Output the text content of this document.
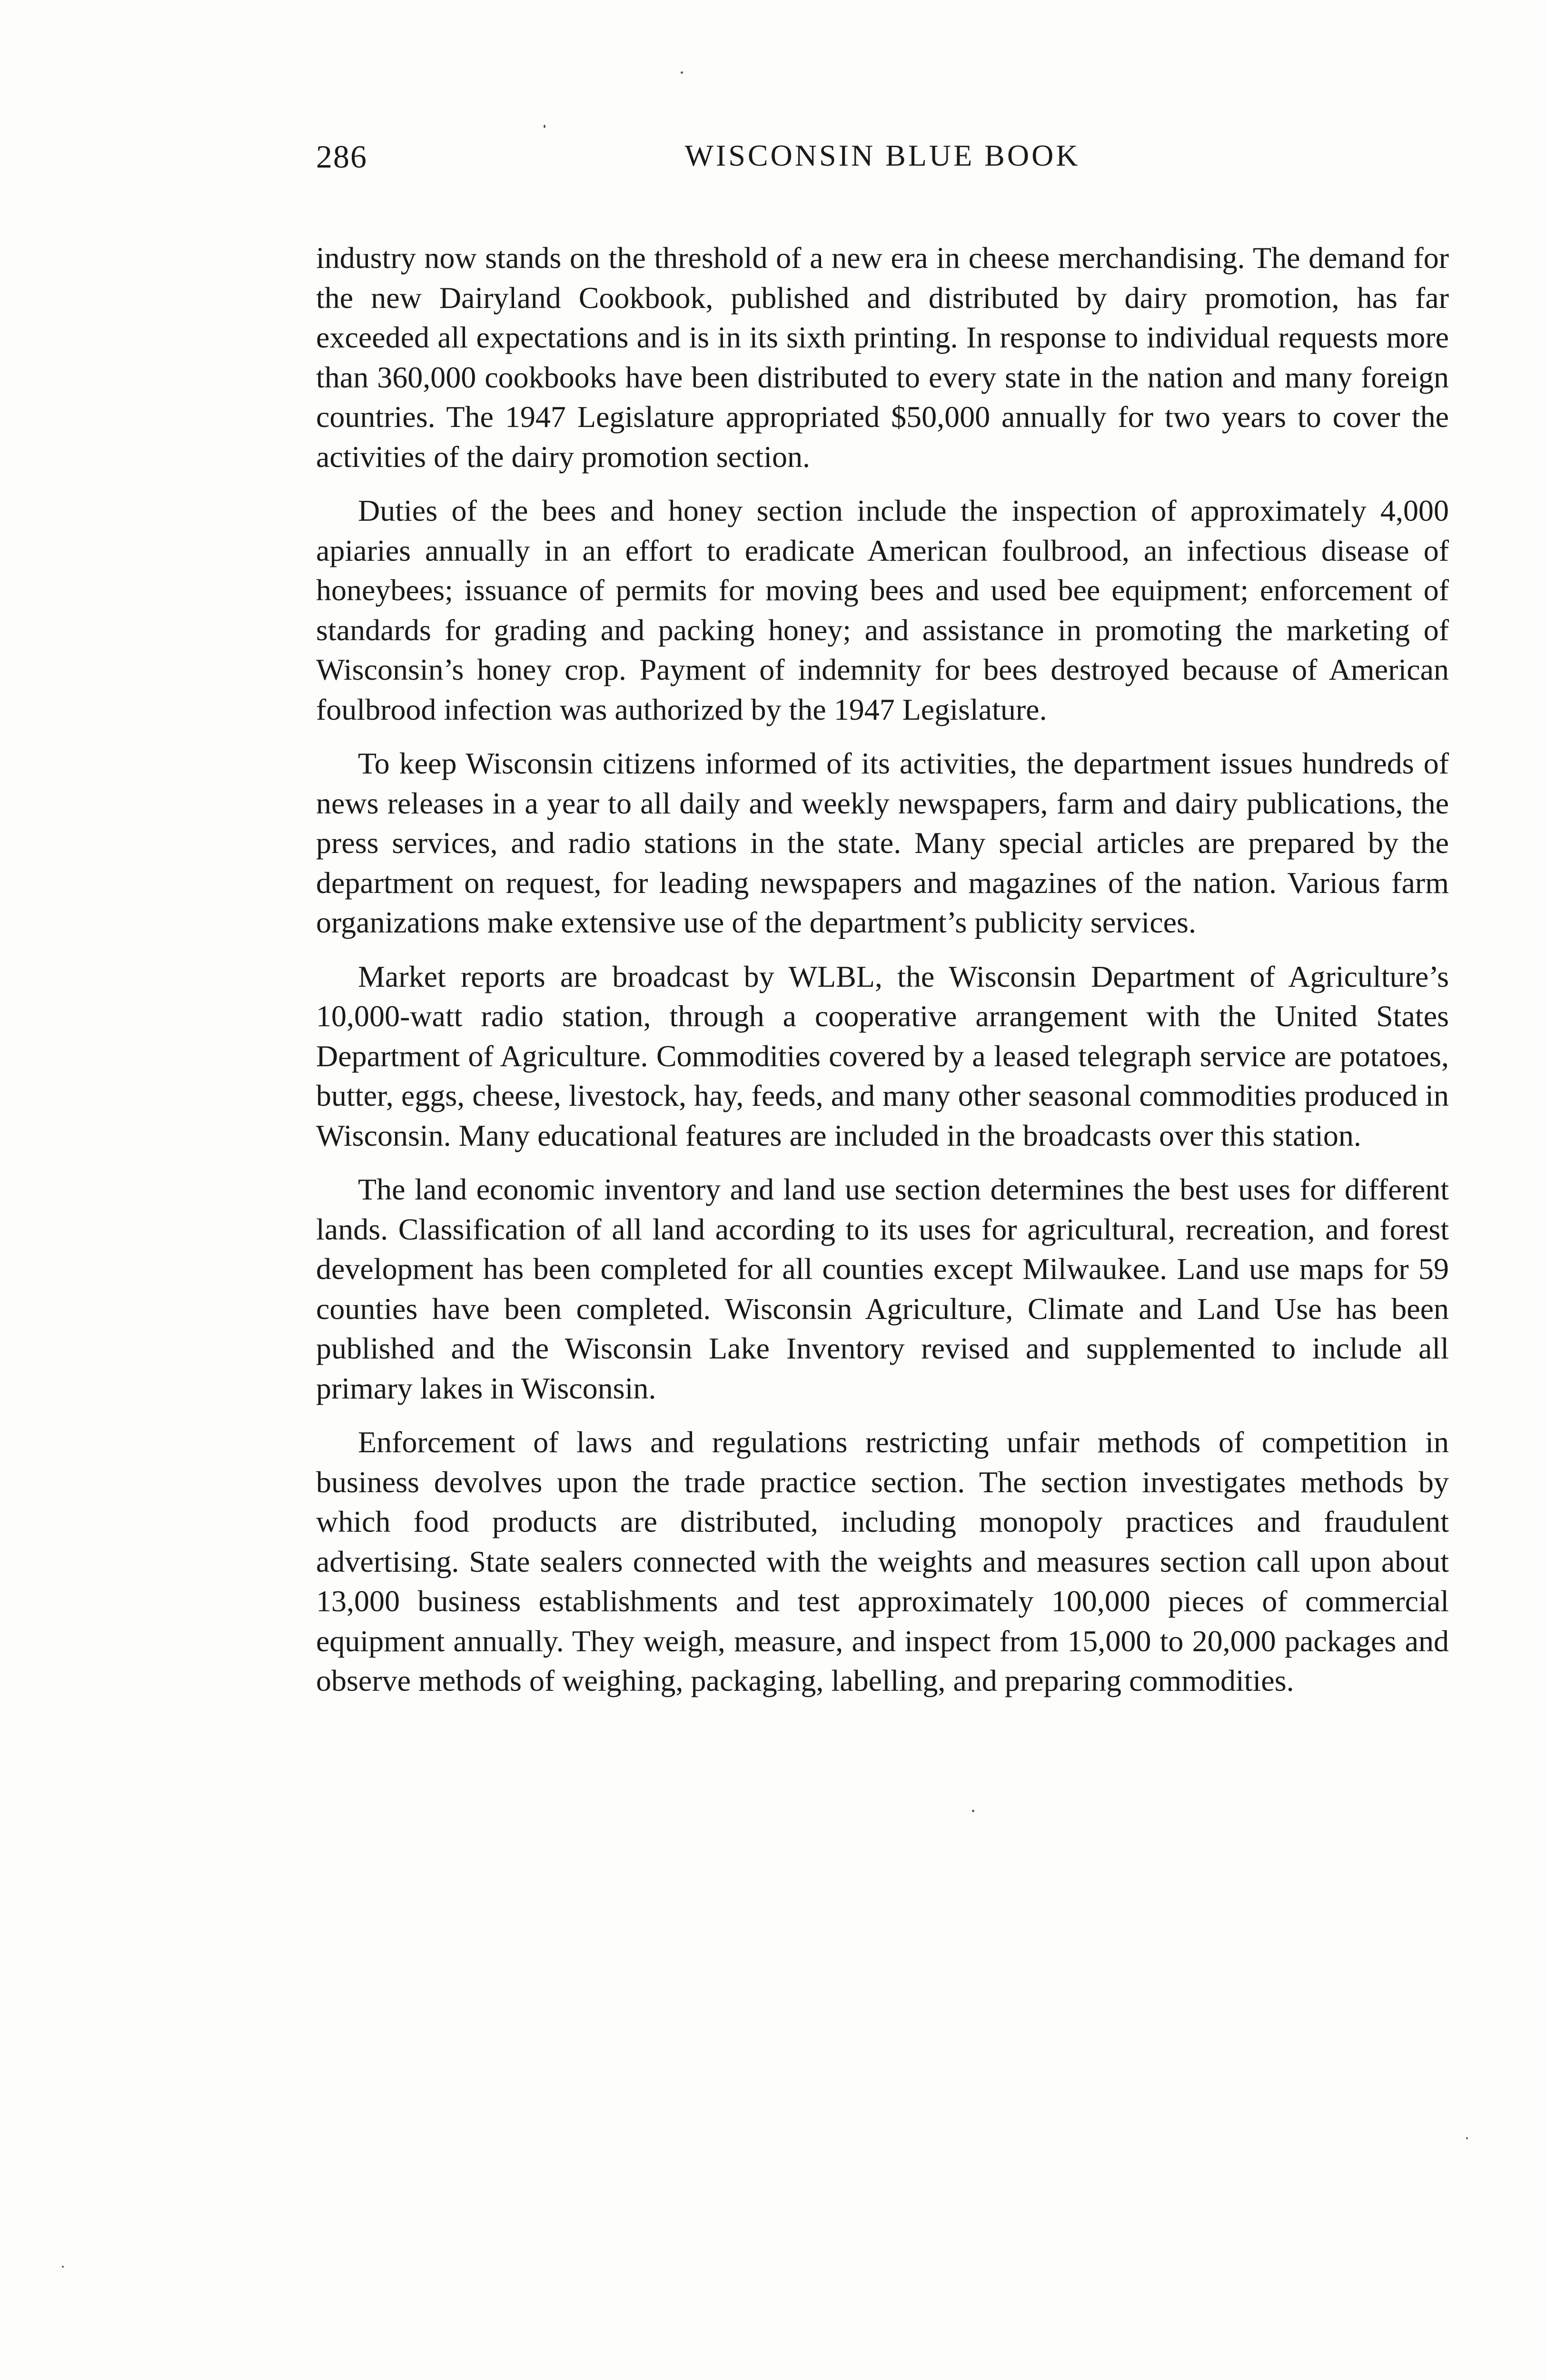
286	WISCONSIN BLUE BOOK

industry now stands on the threshold of a new era in cheese merchandising. The demand for the new Dairyland Cookbook, published and distributed by dairy promotion, has far exceeded all expectations and is in its sixth printing. In response to individual requests more than 360,000 cookbooks have been distributed to every state in the nation and many foreign countries. The 1947 Legislature appropriated $50,000 annually for two years to cover the activities of the dairy promotion section.

Duties of the bees and honey section include the inspection of approximately 4,000 apiaries annually in an effort to eradicate American foulbrood, an infectious disease of honeybees; issuance of permits for moving bees and used bee equipment; enforcement of standards for grading and packing honey; and assistance in promoting the marketing of Wisconsin’s honey crop. Payment of indemnity for bees destroyed because of American foulbrood infection was authorized by the 1947 Legislature.

To keep Wisconsin citizens informed of its activities, the department issues hundreds of news releases in a year to all daily and weekly newspapers, farm and dairy publications, the press services, and radio stations in the state. Many special articles are prepared by the department on request, for leading newspapers and magazines of the nation. Various farm organizations make extensive use of the department’s publicity services.

Market reports are broadcast by WLBL, the Wisconsin Department of Agriculture’s 10,000-watt radio station, through a cooperative arrangement with the United States Department of Agriculture. Commodities covered by a leased telegraph service are potatoes, butter, eggs, cheese, livestock, hay, feeds, and many other seasonal commodities produced in Wisconsin. Many educational features are included in the broadcasts over this station.

The land economic inventory and land use section determines the best uses for different lands. Classification of all land according to its uses for agricultural, recreation, and forest development has been completed for all counties except Milwaukee. Land use maps for 59 counties have been completed. Wisconsin Agriculture, Climate and Land Use has been published and the Wisconsin Lake Inventory revised and supplemented to include all primary lakes in Wisconsin.

Enforcement of laws and regulations restricting unfair methods of competition in business devolves upon the trade practice section. The section investigates methods by which food products are distributed, including monopoly practices and fraudulent advertising. State sealers connected with the weights and measures section call upon about 13,000 business establishments and test approximately 100,000 pieces of commercial equipment annually. They weigh, measure, and inspect from 15,000 to 20,000 packages and observe methods of weighing, packaging, labelling, and preparing commodities.
